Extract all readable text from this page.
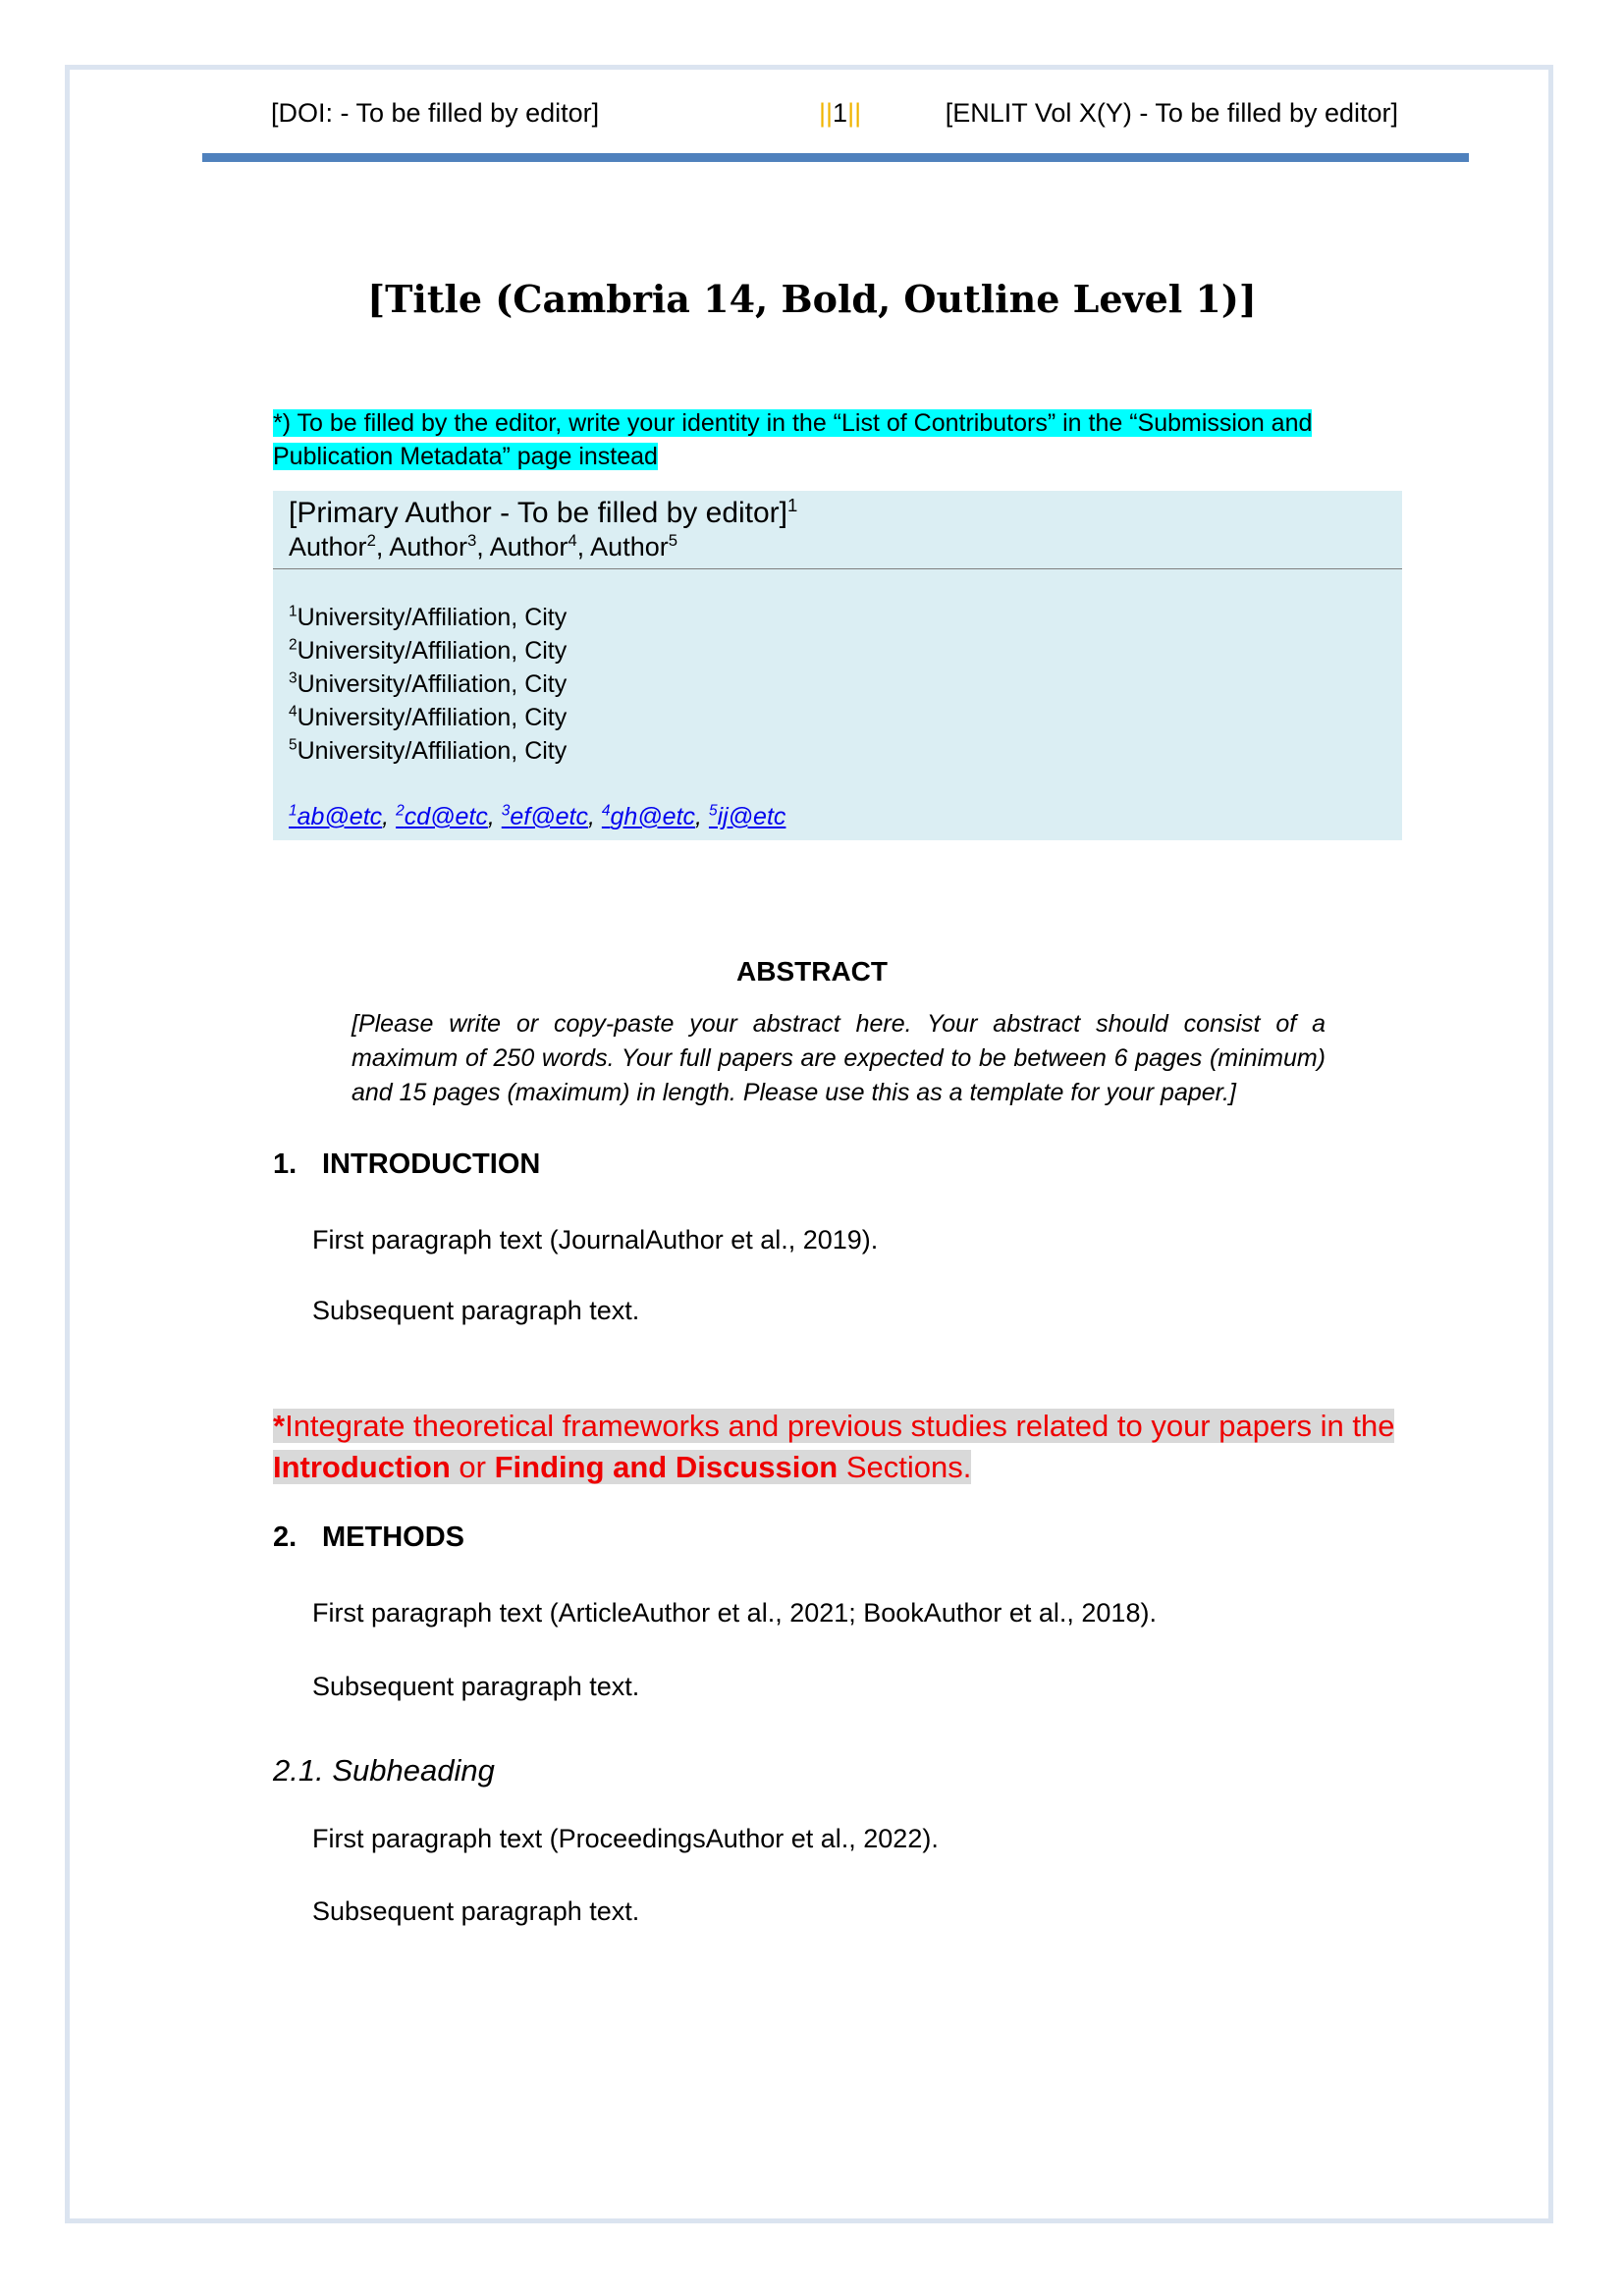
[DOI: - To be filled by editor]	||1||	[ENLIT Vol X(Y) - To be filled by editor]
[Title (Cambria 14, Bold, Outline Level 1)]
*) To be filled by the editor, write your identity in the “List of Contributors” in the “Submission and Publication Metadata” page instead
[Primary Author - To be filled by editor]$^1$
Author$^2$, Author$^3$, Author$^4$, Author$^5$
$^1$University/Affiliation, City
$^2$University/Affiliation, City
$^3$University/Affiliation, City
$^4$University/Affiliation, City
$^5$University/Affiliation, City
$^1$ab@etc, $^2$cd@etc, $^3$ef@etc, $^4$gh@etc, $^5$ij@etc
ABSTRACT
[Please write or copy-paste your abstract here. Your abstract should consist of a maximum of 250 words. Your full papers are expected to be between 6 pages (minimum) and 15 pages (maximum) in length. Please use this as a template for your paper.]
1. INTRODUCTION
First paragraph text (JournalAuthor et al., 2019).
Subsequent paragraph text.
*Integrate theoretical frameworks and previous studies related to your papers in the Introduction or Finding and Discussion Sections.
2. METHODS
First paragraph text (ArticleAuthor et al., 2021; BookAuthor et al., 2018).
Subsequent paragraph text.
2.1. Subheading
First paragraph text (ProceedingsAuthor et al., 2022).
Subsequent paragraph text.
